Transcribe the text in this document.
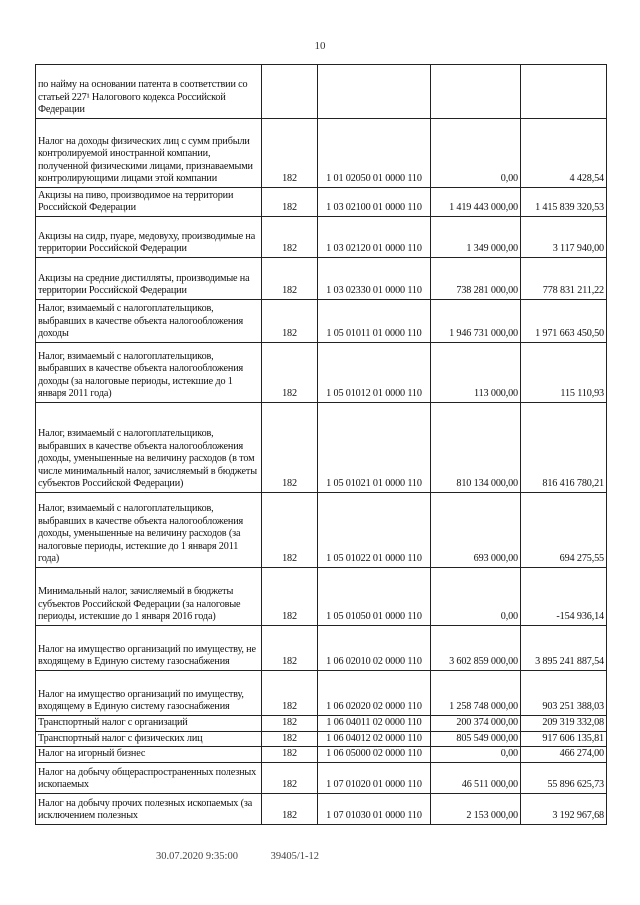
10
по найму на основании патента в соответствии со статьей 227¹ Налогового кодекса Российской Федерации				
Налог на доходы физических лиц с сумм прибыли контролируемой иностранной компании, полученной физическими лицами, признаваемыми контролирующими лицами этой компании	182	1 01 02050 01 0000 110	0,00	4 428,54
Акцизы на пиво, производимое на территории Российской Федерации	182	1 03 02100 01 0000 110	1 419 443 000,00	1 415 839 320,53
Акцизы на сидр, пуаре, медовуху, производимые на территории Российской Федерации	182	1 03 02120 01 0000 110	1 349 000,00	3 117 940,00
Акцизы на средние дистилляты, производимые на территории Российской Федерации	182	1 03 02330 01 0000 110	738 281 000,00	778 831 211,22
Налог, взимаемый с налогоплательщиков, выбравших в качестве объекта налогообложения доходы	182	1 05 01011 01 0000 110	1 946 731 000,00	1 971 663 450,50
Налог, взимаемый с налогоплательщиков, выбравших в качестве объекта налогообложения доходы (за налоговые периоды, истекшие до 1 января 2011 года)	182	1 05 01012 01 0000 110	113 000,00	115 110,93
Налог, взимаемый с налогоплательщиков, выбравших в качестве объекта налогообложения доходы, уменьшенные на величину расходов (в том числе минимальный налог, зачисляемый в бюджеты субъектов Российской Федерации)	182	1 05 01021 01 0000 110	810 134 000,00	816 416 780,21
Налог, взимаемый с налогоплательщиков, выбравших в качестве объекта налогообложения доходы, уменьшенные на величину расходов (за налоговые периоды, истекшие до 1 января 2011 года)	182	1 05 01022 01 0000 110	693 000,00	694 275,55
Минимальный налог, зачисляемый в бюджеты субъектов Российской Федерации (за налоговые периоды, истекшие до 1 января 2016 года)	182	1 05 01050 01 0000 110	0,00	-154 936,14
Налог на имущество организаций по имуществу, не входящему в Единую систему газоснабжения	182	1 06 02010 02 0000 110	3 602 859 000,00	3 895 241 887,54
Налог на имущество организаций по имуществу, входящему в Единую систему газоснабжения	182	1 06 02020 02 0000 110	1 258 748 000,00	903 251 388,03
Транспортный налог с организаций	182	1 06 04011 02 0000 110	200 374 000,00	209 319 332,08
Транспортный налог с физических лиц	182	1 06 04012 02 0000 110	805 549 000,00	917 606 135,81
Налог на игорный бизнес	182	1 06 05000 02 0000 110	0,00	466 274,00
Налог на добычу общераспространенных полезных ископаемых	182	1 07 01020 01 0000 110	46 511 000,00	55 896 625,73
Налог на добычу прочих полезных ископаемых (за исключением полезных	182	1 07 01030 01 0000 110	2 153 000,00	3 192 967,68
30.07.2020 9:35:00	39405/1-12
